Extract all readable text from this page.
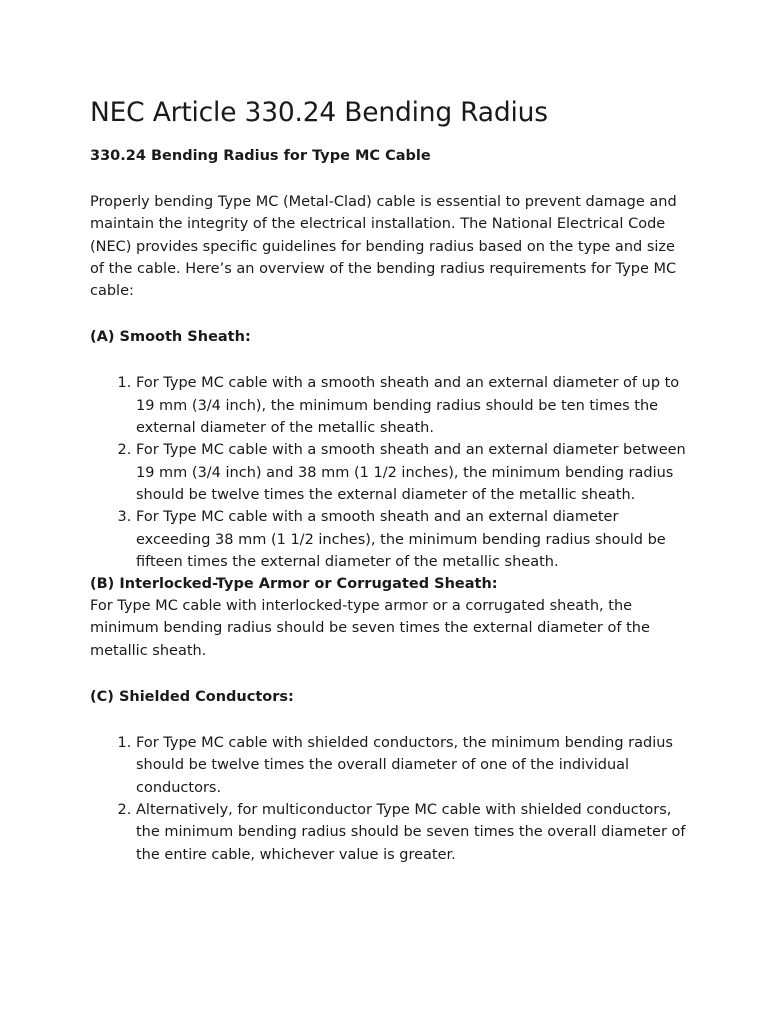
NEC Article 330.24 Bending Radius
330.24 Bending Radius for Type MC Cable

Properly bending Type MC (Metal-Clad) cable is essential to prevent damage and maintain the integrity of the electrical installation. The National Electrical Code (NEC) provides specific guidelines for bending radius based on the type and size of the cable. Here’s an overview of the bending radius requirements for Type MC cable:

(A) Smooth Sheath:
1. For Type MC cable with a smooth sheath and an external diameter of up to 19 mm (3/4 inch), the minimum bending radius should be ten times the external diameter of the metallic sheath.
2. For Type MC cable with a smooth sheath and an external diameter between 19 mm (3/4 inch) and 38 mm (1 1/2 inches), the minimum bending radius should be twelve times the external diameter of the metallic sheath.
3. For Type MC cable with a smooth sheath and an external diameter exceeding 38 mm (1 1/2 inches), the minimum bending radius should be fifteen times the external diameter of the metallic sheath.
(B) Interlocked-Type Armor or Corrugated Sheath:

For Type MC cable with interlocked-type armor or a corrugated sheath, the minimum bending radius should be seven times the external diameter of the metallic sheath.

(C) Shielded Conductors:
1. For Type MC cable with shielded conductors, the minimum bending radius should be twelve times the overall diameter of one of the individual conductors.
2. Alternatively, for multiconductor Type MC cable with shielded conductors, the minimum bending radius should be seven times the overall diameter of the entire cable, whichever value is greater.
